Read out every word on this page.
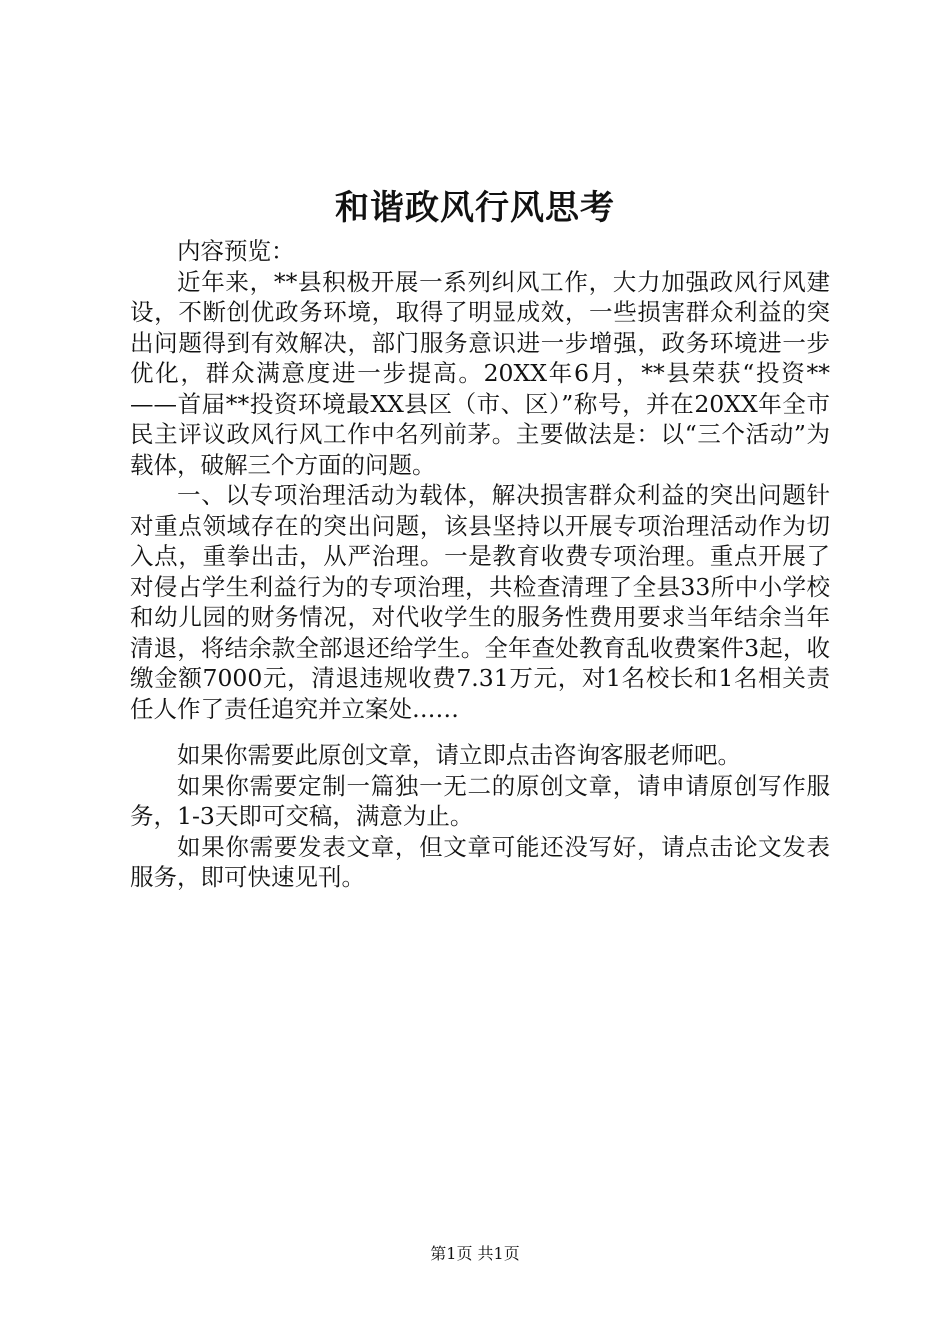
和谐政风行风思考

内容预览：

近年来，**县积极开展一系列纠风工作，大力加强政风行风建设，不断创优政务环境，取得了明显成效，一些损害群众利益的突出问题得到有效解决，部门服务意识进一步增强，政务环境进一步优化，群众满意度进一步提高。20XX年6月，**县荣获“投资**——首届**投资环境最XX县区（市、区）”称号，并在20XX年全市民主评议政风行风工作中名列前茅。主要做法是：以“三个活动”为载体，破解三个方面的问题。

一、以专项治理活动为载体，解决损害群众利益的突出问题针对重点领域存在的突出问题，该县坚持以开展专项治理活动作为切入点，重拳出击，从严治理。一是教育收费专项治理。重点开展了对侵占学生利益行为的专项治理，共检查清理了全县33所中小学校和幼儿园的财务情况，对代收学生的服务性费用要求当年结余当年清退，将结余款全部退还给学生。全年查处教育乱收费案件3起，收缴金额7000元，清退违规收费7.31万元，对1名校长和1名相关责任人作了责任追究并立案处……

如果你需要此原创文章，请立即点击咨询客服老师吧。

如果你需要定制一篇独一无二的原创文章，请申请原创写作服务，1-3天即可交稿，满意为止。

如果你需要发表文章，但文章可能还没写好，请点击论文发表服务，即可快速见刊。

第1页 共1页
